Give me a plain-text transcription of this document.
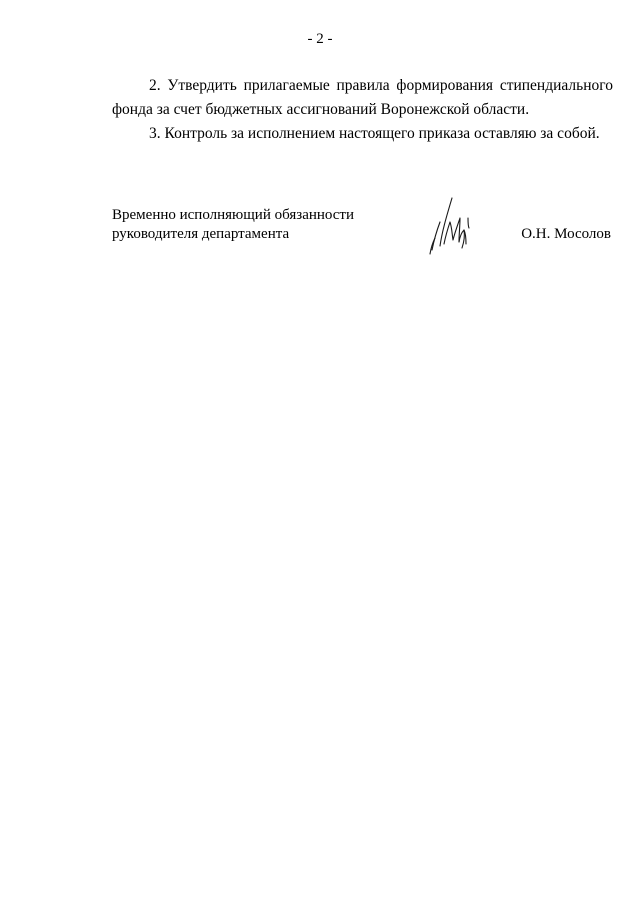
- 2 -

2. Утвердить прилагаемые правила формирования стипендиального фонда за счет бюджетных ассигнований Воронежской области.

3. Контроль за исполнением настоящего приказа оставляю за собой.

Временно исполняющий обязанности
руководителя департамента	О.Н. Мосолов
